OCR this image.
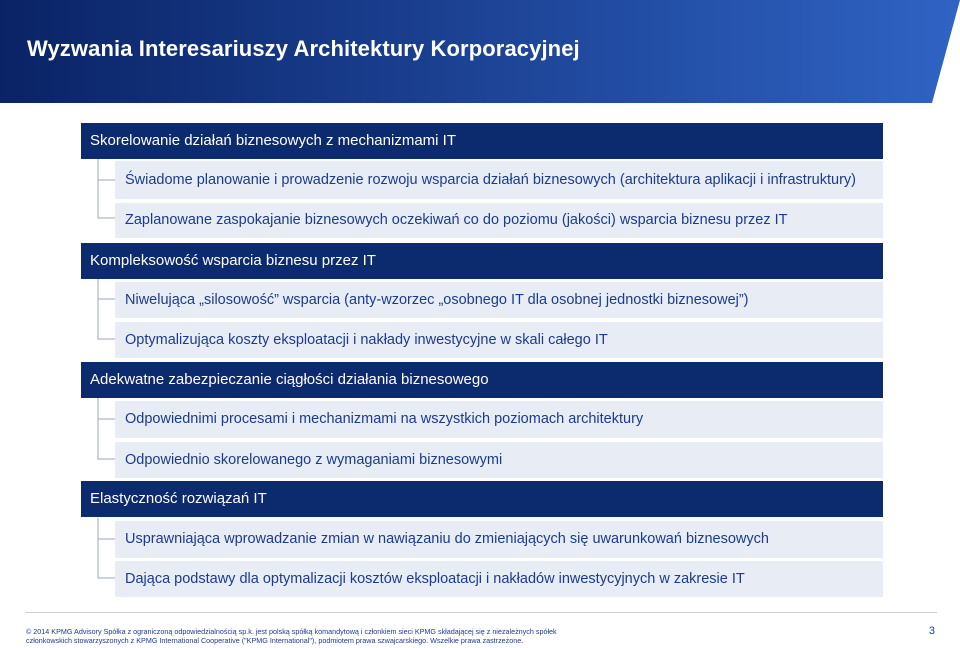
Wyzwania Interesariuszy Architektury Korporacyjnej
Skorelowanie działań biznesowych z mechanizmami IT
Świadome planowanie i prowadzenie rozwoju wsparcia działań biznesowych (architektura aplikacji i infrastruktury)
Zaplanowane zaspokajanie biznesowych oczekiwań co do poziomu (jakości) wsparcia biznesu przez IT
Kompleksowość wsparcia biznesu przez IT
Niwelująca „silosowość” wsparcia (anty-wzorzec „osobnego IT dla osobnej jednostki biznesowej”)
Optymalizująca koszty eksploatacji i nakłady inwestycyjne w skali całego IT
Adekwatne zabezpieczanie ciągłości działania biznesowego
Odpowiednimi procesami i mechanizmami na wszystkich poziomach architektury
Odpowiednio skorelowanego z wymaganiami biznesowymi
Elastyczność rozwiązań IT
Usprawniająca wprowadzanie zmian w nawiązaniu do zmieniających się uwarunkowań biznesowych
Dająca podstawy dla optymalizacji kosztów eksploatacji i nakładów inwestycyjnych w zakresie IT
© 2014 KPMG Advisory Spółka z ograniczoną odpowiedzialnością sp.k. jest polską spółką komandytową i członkiem sieci KPMG składającej się z niezależnych spółek
członkowskich stowarzyszonych z KPMG International Cooperative ("KPMG International"), podmiotem prawa szwajcarskiego. Wszelkie prawa zastrzeżone.
3
